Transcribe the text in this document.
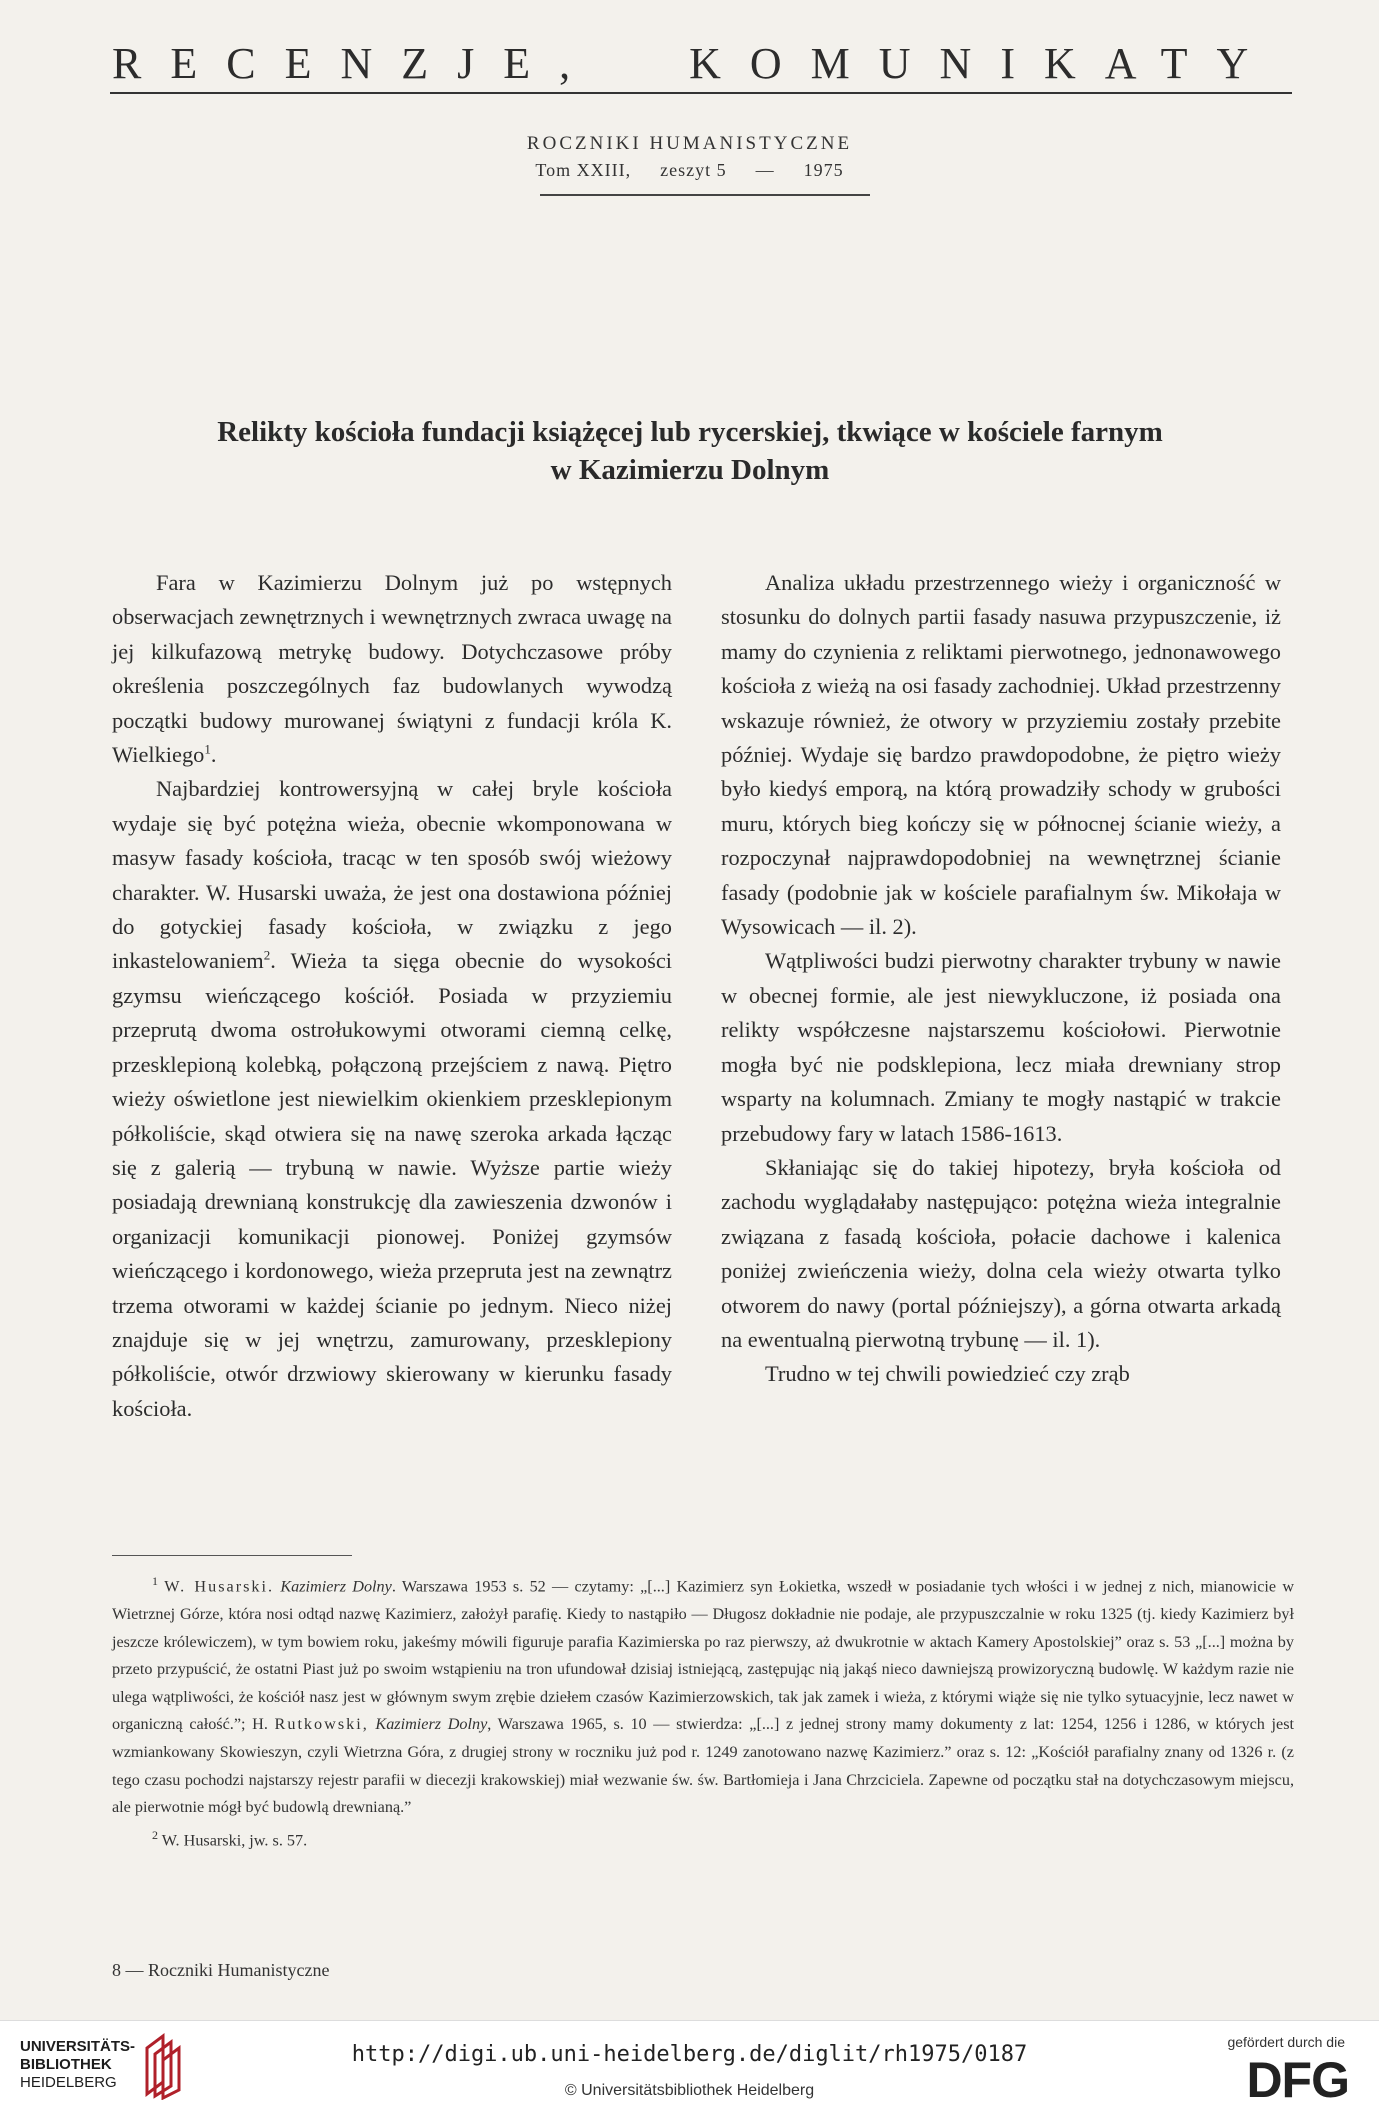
RECENZJE, KOMUNIKATY
ROCZNIKI HUMANISTYCZNE
Tom XXIII, zeszyt 5 — 1975
Relikty kościoła fundacji książęcej lub rycerskiej, tkwiące w kościele farnym
w Kazimierzu Dolnym

Fara w Kazimierzu Dolnym już po wstępnych obserwacjach zewnętrznych i wewnętrznych zwraca uwagę na jej kilkufazową metrykę budowy. Dotychczasowe próby określenia poszczególnych faz budowlanych wywodzą początki budowy murowanej świątyni z fundacji króla K. Wielkiego$^1$.

Najbardziej kontrowersyjną w całej bryle kościoła wydaje się być potężna wieża, obecnie wkomponowana w masyw fasady kościoła, tracąc w ten sposób swój wieżowy charakter. W. Husarski uważa, że jest ona dostawiona później do gotyckiej fasady kościoła, w związku z jego inkastelowaniem$^2$. Wieża ta sięga obecnie do wysokości gzymsu wieńczącego kościół. Posiada w przyziemiu przeprutą dwoma ostrołukowymi otworami ciemną celkę, przesklepioną kolebką, połączoną przejściem z nawą. Piętro wieży oświetlone jest niewielkim okienkiem przesklepionym półkoliście, skąd otwiera się na nawę szeroka arkada łącząc się z galerią — trybuną w nawie. Wyższe partie wieży posiadają drewnianą konstrukcję dla zawieszenia dzwonów i organizacji komunikacji pionowej. Poniżej gzymsów wieńczącego i kordonowego, wieża przepruta jest na zewnątrz trzema otworami w każdej ścianie po jednym. Nieco niżej znajduje się w jej wnętrzu, zamurowany, przesklepiony półkoliście, otwór drzwiowy skierowany w kierunku fasady kościoła.

Analiza układu przestrzennego wieży i organiczność w stosunku do dolnych partii fasady nasuwa przypuszczenie, iż mamy do czynienia z reliktami pierwotnego, jednonawowego kościoła z wieżą na osi fasady zachodniej. Układ przestrzenny wskazuje również, że otwory w przyziemiu zostały przebite później. Wydaje się bardzo prawdopodobne, że piętro wieży było kiedyś emporą, na którą prowadziły schody w grubości muru, których bieg kończy się w północnej ścianie wieży, a rozpoczynał najprawdopodobniej na wewnętrznej ścianie fasady (podobnie jak w kościele parafialnym św. Mikołaja w Wysowicach — il. 2).

Wątpliwości budzi pierwotny charakter trybuny w nawie w obecnej formie, ale jest niewykluczone, iż posiada ona relikty współczesne najstarszemu kościołowi. Pierwotnie mogła być nie podsklepiona, lecz miała drewniany strop wsparty na kolumnach. Zmiany te mogły nastąpić w trakcie przebudowy fary w latach 1586-1613.

Skłaniając się do takiej hipotezy, bryła kościoła od zachodu wyglądałaby następująco: potężna wieża integralnie związana z fasadą kościoła, połacie dachowe i kalenica poniżej zwieńczenia wieży, dolna cela wieży otwarta tylko otworem do nawy (portal późniejszy), a górna otwarta arkadą na ewentualną pierwotną trybunę — il. 1).

Trudno w tej chwili powiedzieć czy zrąb

$^1$ W. Husarski. Kazimierz Dolny. Warszawa 1953 s. 52 — czytamy: „[...] Kazimierz syn Łokietka, wszedł w posiadanie tych włości i w jednej z nich, mianowicie w Wietrznej Górze, która nosi odtąd nazwę Kazimierz, założył parafię. Kiedy to nastąpiło — Długosz dokładnie nie podaje, ale przypuszczalnie w roku 1325 (tj. kiedy Kazimierz był jeszcze królewiczem), w tym bowiem roku, jakeśmy mówili figuruje parafia Kazimierska po raz pierwszy, aż dwukrotnie w aktach Kamery Apostolskiej” oraz s. 53 „[...] można by przeto przypuścić, że ostatni Piast już po swoim wstąpieniu na tron ufundował dzisiaj istniejącą, zastępując nią jakąś nieco dawniejszą prowizoryczną budowlę. W każdym razie nie ulega wątpliwości, że kościół nasz jest w głównym swym zrębie dziełem czasów Kazimierzowskich, tak jak zamek i wieża, z którymi wiąże się nie tylko sytuacyjnie, lecz nawet w organiczną całość.”; H. Rutkowski, Kazimierz Dolny, Warszawa 1965, s. 10 — stwierdza: „[...] z jednej strony mamy dokumenty z lat: 1254, 1256 i 1286, w których jest wzmiankowany Skowieszyn, czyli Wietrzna Góra, z drugiej strony w roczniku już pod r. 1249 zanotowano nazwę Kazimierz.” oraz s. 12: „Kościół parafialny znany od 1326 r. (z tego czasu pochodzi najstarszy rejestr parafii w diecezji krakowskiej) miał wezwanie św. św. Bartłomieja i Jana Chrzciciela. Zapewne od początku stał na dotychczasowym miejscu, ale pierwotnie mógł być budowlą drewnianą.”

$^2$ W. Husarski, jw. s. 57.

8 — Roczniki Humanistyczne
UNIVERSITÄTS-
BIBLIOTHEK
HEIDELBERG
http://digi.ub.uni-heidelberg.de/diglit/rh1975/0187
© Universitätsbibliothek Heidelberg
gefördert durch die
DFG
